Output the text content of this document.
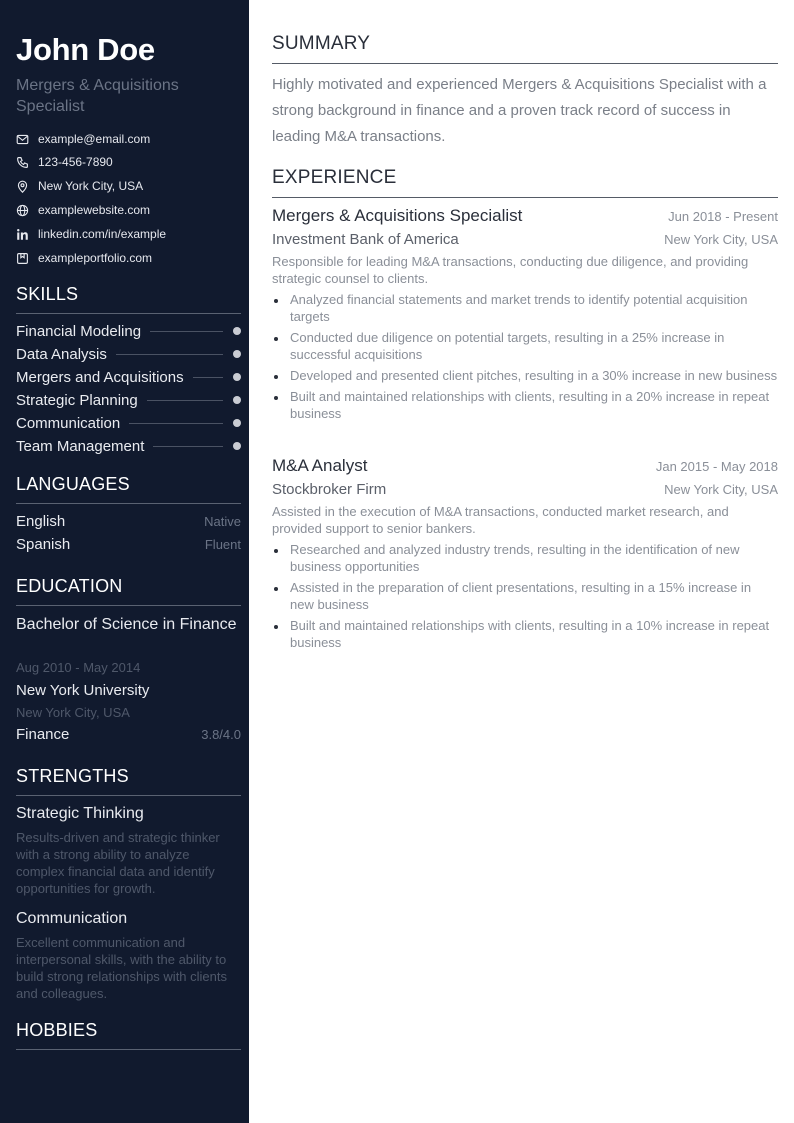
John Doe
Mergers & Acquisitions Specialist
example@email.com
123-456-7890
New York City, USA
examplewebsite.com
linkedin.com/in/example
exampleportfolio.com
SKILLS
Financial Modeling
Data Analysis
Mergers and Acquisitions
Strategic Planning
Communication
Team Management
LANGUAGES
English	Native
Spanish	Fluent
EDUCATION
Bachelor of Science in Finance
Aug 2010 - May 2014
New York University
New York City, USA
Finance	3.8/4.0
STRENGTHS
Strategic Thinking
Results-driven and strategic thinker with a strong ability to analyze complex financial data and identify opportunities for growth.
Communication
Excellent communication and interpersonal skills, with the ability to build strong relationships with clients and colleagues.
HOBBIES
SUMMARY
Highly motivated and experienced Mergers & Acquisitions Specialist with a strong background in finance and a proven track record of success in leading M&A transactions.
EXPERIENCE
Mergers & Acquisitions Specialist	Jun 2018 - Present
Investment Bank of America	New York City, USA
Responsible for leading M&A transactions, conducting due diligence, and providing strategic counsel to clients.
Analyzed financial statements and market trends to identify potential acquisition targets
Conducted due diligence on potential targets, resulting in a 25% increase in successful acquisitions
Developed and presented client pitches, resulting in a 30% increase in new business
Built and maintained relationships with clients, resulting in a 20% increase in repeat business
M&A Analyst	Jan 2015 - May 2018
Stockbroker Firm	New York City, USA
Assisted in the execution of M&A transactions, conducted market research, and provided support to senior bankers.
Researched and analyzed industry trends, resulting in the identification of new business opportunities
Assisted in the preparation of client presentations, resulting in a 15% increase in new business
Built and maintained relationships with clients, resulting in a 10% increase in repeat business
